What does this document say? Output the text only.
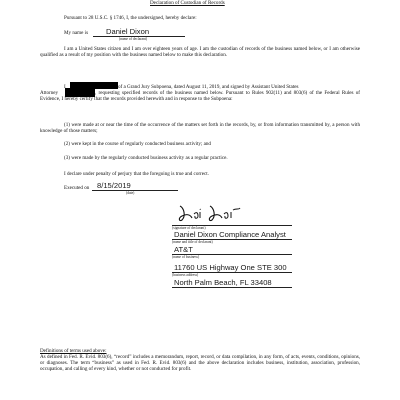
Declaration of Custodian of Records
Pursuant to 28 U.S.C. § 1746, I, the undersigned, hereby declare:
My name is Daniel Dixon
(name of declarant)
I am a United States citizen and I am over eighteen years of age. I am the custodian of records of the business named below, or I am otherwise qualified as a result of my position with the business named below to make this declaration.
I	of a Grand Jury Subpoena, dated August 11, 2019, and signed by Assistant United States
Attorney	, requesting specified records of the business named below. Pursuant to Rules 902(11) and 803(6) of the Federal Rules of Evidence, I hereby certify that the records provided herewith and in response to the Subpoena:
(1) were made at or near the time of the occurrence of the matters set forth in the records, by, or from information transmitted by, a person with knowledge of those matters;
(2) were kept in the course of regularly conducted business activity; and
(3) were made by the regularly conducted business activity as a regular practice.
I declare under penalty of perjury that the foregoing is true and correct.
Executed on 8/15/2019
(date)
(signature of declarant)
Daniel Dixon Compliance Analyst
(name and title of declarant)
AT&T
(name of business)
11760 US Highway One STE 300
(business address)
North Palm Beach, FL 33408
Definitions of terms used above:
As defined in Fed. R. Evid. 803(6), “record” includes a memorandum, report, record, or data compilation, in any form, of acts, events, conditions, opinions, or diagnoses. The term “business” as used in Fed. R. Evid. 803(6) and the above declaration includes business, institution, association, profession, occupation, and calling of every kind, whether or not conducted for profit.
